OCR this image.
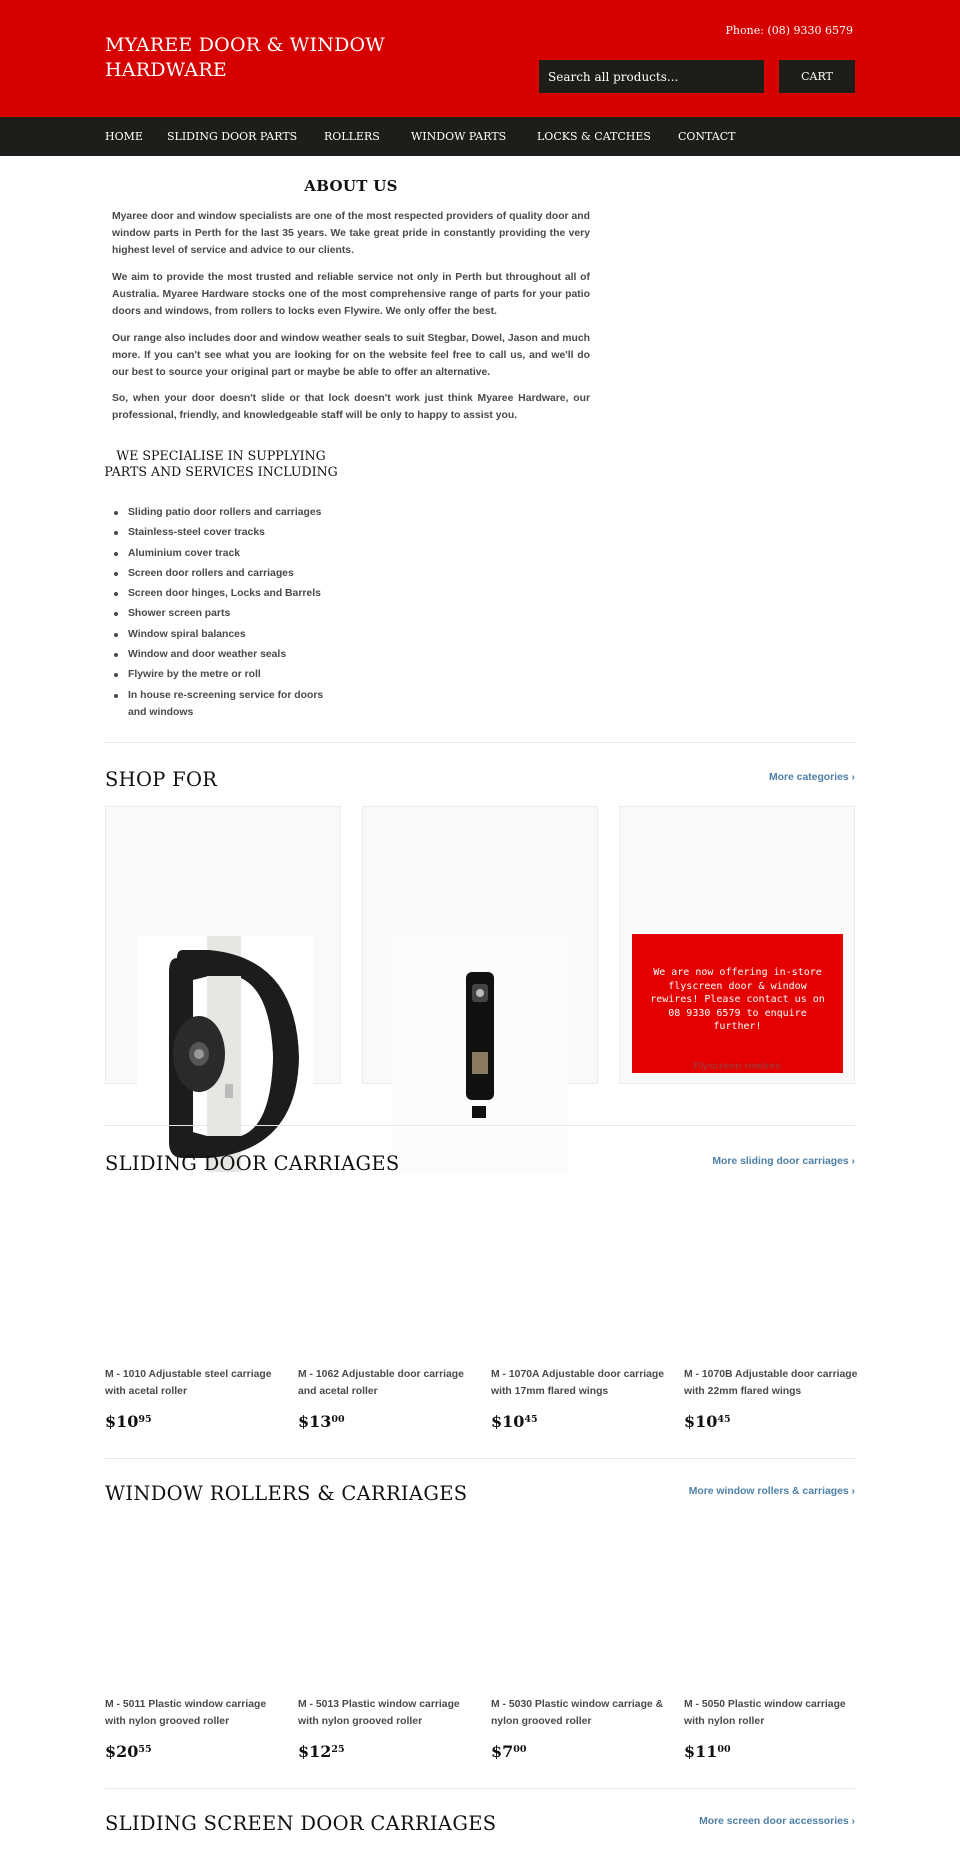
MYAREE DOOR & WINDOW HARDWARE
Phone: (08) 9330 6579
Search all products...	CART
HOME SLIDING DOOR PARTS ROLLERS	WINDOW PARTS	LOCKS & CATCHES CONTACT
ABOUT US

Myaree door and window specialists are one of the most respected providers of quality door and window parts in Perth for the last 35 years. We take great pride in constantly providing the very highest level of service and advice to our clients.

We aim to provide the most trusted and reliable service not only in Perth but throughout all of Australia. Myaree Hardware stocks one of the most comprehensive range of parts for your patio doors and windows, from rollers to locks even Flywire. We only offer the best.

Our range also includes door and window weather seals to suit Stegbar, Dowel, Jason and much more. If you can't see what you are looking for on the website feel free to call us, and we'll do our best to source your original part or maybe be able to offer an alternative.

So, when your door doesn't slide or that lock doesn't work just think Myaree Hardware, our professional, friendly, and knowledgeable staff will be only to happy to assist you.

WE SPECIALISE IN SUPPLYING PARTS AND SERVICES INCLUDING
Sliding patio door rollers and carriages
Stainless-steel cover tracks
Aluminium cover track
Screen door rollers and carriages
Screen door hinges, Locks and Barrels
Shower screen parts
Window spiral balances
Window and door weather seals
Flywire by the metre or roll
In house re-screening service for doors and windows
SHOP FOR	More categories ›
We are now offering in-store flyscreen door & window rewires! Please contact us on 08 9330 6579 to enquire further!
Flyscreen rewires
SLIDING DOOR CARRIAGES	More sliding door carriages ›
M - 1010 Adjustable steel carriage with acetal roller
$\$10^{95}$
M - 1062 Adjustable door carriage and acetal roller
$\$13^{00}$
M - 1070A Adjustable door carriage with 17mm flared wings
$\$10^{45}$
M - 1070B Adjustable door carriage with 22mm flared wings
$\$10^{45}$
WINDOW ROLLERS & CARRIAGES	More window rollers & carriages ›
M - 5011 Plastic window carriage with nylon grooved roller
$\$20^{55}$
M - 5013 Plastic window carriage with nylon grooved roller
$\$12^{25}$
M - 5030 Plastic window carriage & nylon grooved roller
$\$7^{00}$
M - 5050 Plastic window carriage with nylon roller
$\$11^{00}$
SLIDING SCREEN DOOR CARRIAGES	More screen door accessories ›
